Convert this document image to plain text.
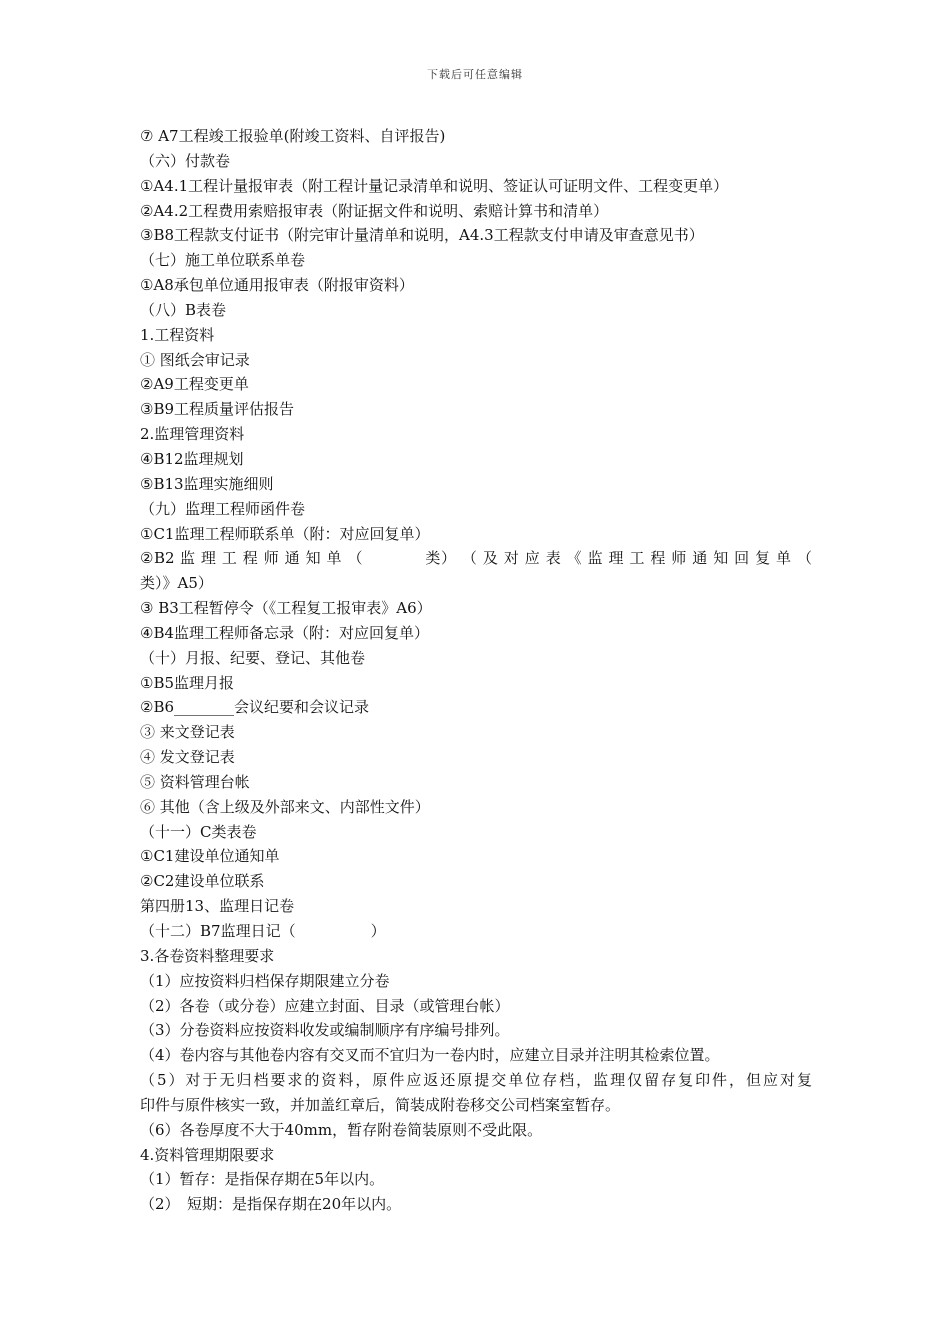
下载后可任意编辑
⑦ A7工程竣工报验单(附竣工资料、自评报告)
（六）付款卷
①A4.1工程计量报审表（附工程计量记录清单和说明、签证认可证明文件、工程变更单）
②A4.2工程费用索赔报审表（附证据文件和说明、索赔计算书和清单）
③B8工程款支付证书（附完审计量清单和说明，A4.3工程款支付申请及审查意见书）
（七）施工单位联系单卷
①A8承包单位通用报审表（附报审资料）
（八）B表卷
1.工程资料
① 图纸会审记录
②A9工程变更单
③B9工程质量评估报告
2.监理管理资料
④B12监理规划
⑤B13监理实施细则
（九）监理工程师函件卷
①C1监理工程师联系单（附：对应回复单）
②B2 监 理 工 程 师 通 知 单 （　　　　类） （ 及 对 应 表 《 监 理 工 程 师 通 知 回 复 单 （
类）》A5）
③ B3工程暂停令（《工程复工报审表》A6）
④B4监理工程师备忘录（附：对应回复单）
（十）月报、纪要、登记、其他卷
①B5监理月报
②B6________会议纪要和会议记录
③ 来文登记表
④ 发文登记表
⑤ 资料管理台帐
⑥ 其他（含上级及外部来文、内部性文件）
（十一）C类表卷
①C1建设单位通知单
②C2建设单位联系
第四册13、监理日记卷
（十二）B7监理日记（　　　　　）
3.各卷资料整理要求
（1）应按资料归档保存期限建立分卷
（2）各卷（或分卷）应建立封面、目录（或管理台帐）
（3）分卷资料应按资料收发或编制顺序有序编号排列。
（4）卷内容与其他卷内容有交叉而不宜归为一卷内时，应建立目录并注明其检索位置。
（5）对于无归档要求的资料，原件应返还原提交单位存档，监理仅留存复印件，但应对复
印件与原件核实一致，并加盖红章后，简装成附卷移交公司档案室暂存。
（6）各卷厚度不大于40mm，暂存附卷简装原则不受此限。
4.资料管理期限要求
（1）暂存：是指保存期在5年以内。
（2）　短期：是指保存期在20年以内。
